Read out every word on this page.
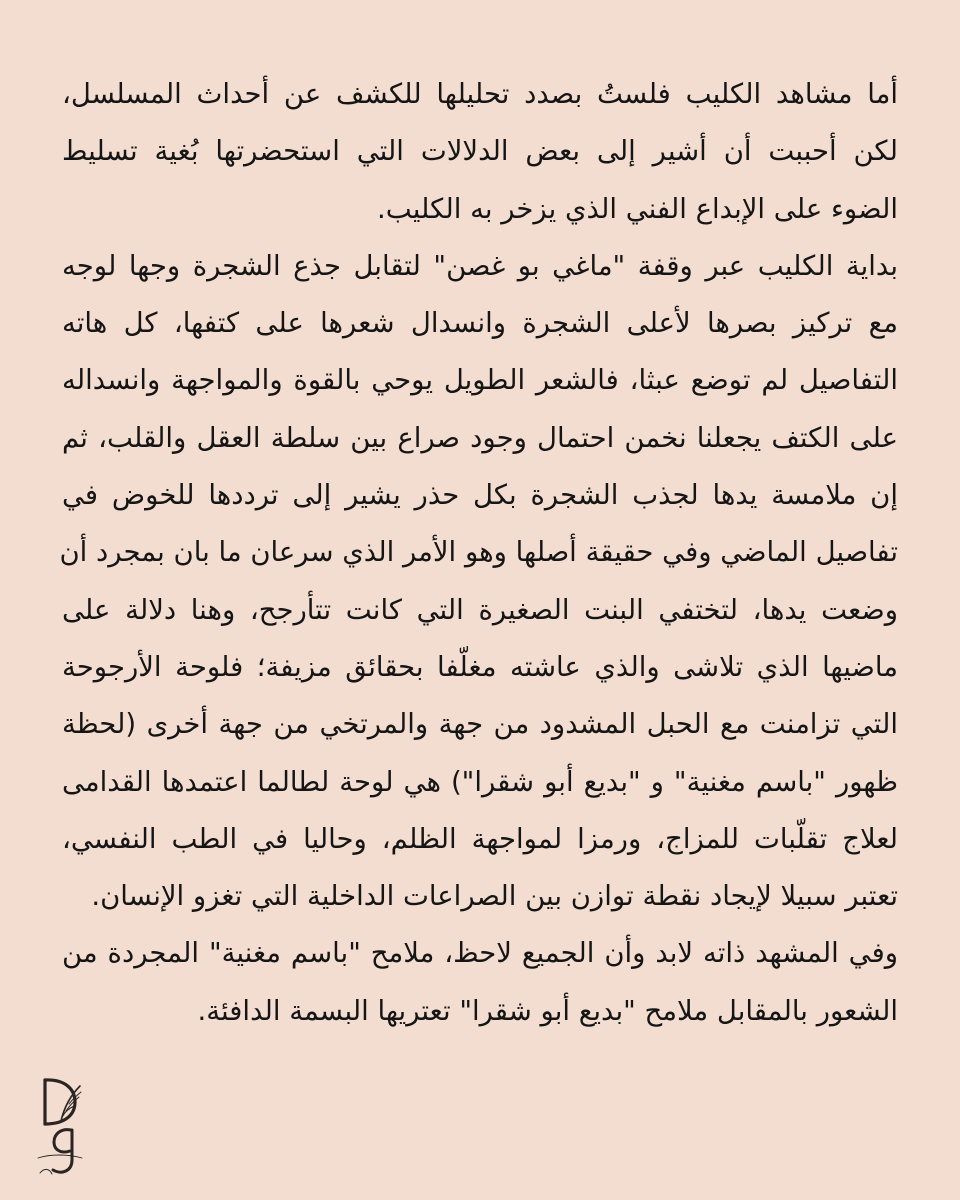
أما مشاهد الكليب فلستُ بصدد تحليلها للكشف عن أحداث المسلسل،
لكن أحببت أن أشير إلى بعض الدلالات التي استحضرتها بُغية تسليط
الضوء على الإبداع الفني الذي يزخر به الكليب.
بداية الكليب عبر وقفة "ماغي بو غصن" لتقابل جذع الشجرة وجها لوجه
مع تركيز بصرها لأعلى الشجرة وانسدال شعرها على كتفها، كل هاته
التفاصيل لم توضع عبثا، فالشعر الطويل يوحي بالقوة والمواجهة وانسداله
على الكتف يجعلنا نخمن احتمال وجود صراع بين سلطة العقل والقلب، ثم
إن ملامسة يدها لجذب الشجرة بكل حذر يشير إلى ترددها للخوض في
تفاصيل الماضي وفي حقيقة أصلها وهو الأمر الذي سرعان ما بان بمجرد أن
وضعت يدها، لتختفي البنت الصغيرة التي كانت تتأرجح، وهنا دلالة على
ماضيها الذي تلاشى والذي عاشته مغلّفا بحقائق مزيفة؛ فلوحة الأرجوحة
التي تزامنت مع الحبل المشدود من جهة والمرتخي من جهة أخرى (لحظة
ظهور "باسم مغنية" و "بديع أبو شقرا") هي لوحة لطالما اعتمدها القدامى
لعلاج تقلّبات للمزاج، ورمزا لمواجهة الظلم، وحاليا في الطب النفسي،
تعتبر سبيلا لإيجاد نقطة توازن بين الصراعات الداخلية التي تغزو الإنسان.
وفي المشهد ذاته لابد وأن الجميع لاحظ، ملامح "باسم مغنية" المجردة من
الشعور بالمقابل ملامح "بديع أبو شقرا" تعتريها البسمة الدافئة.
